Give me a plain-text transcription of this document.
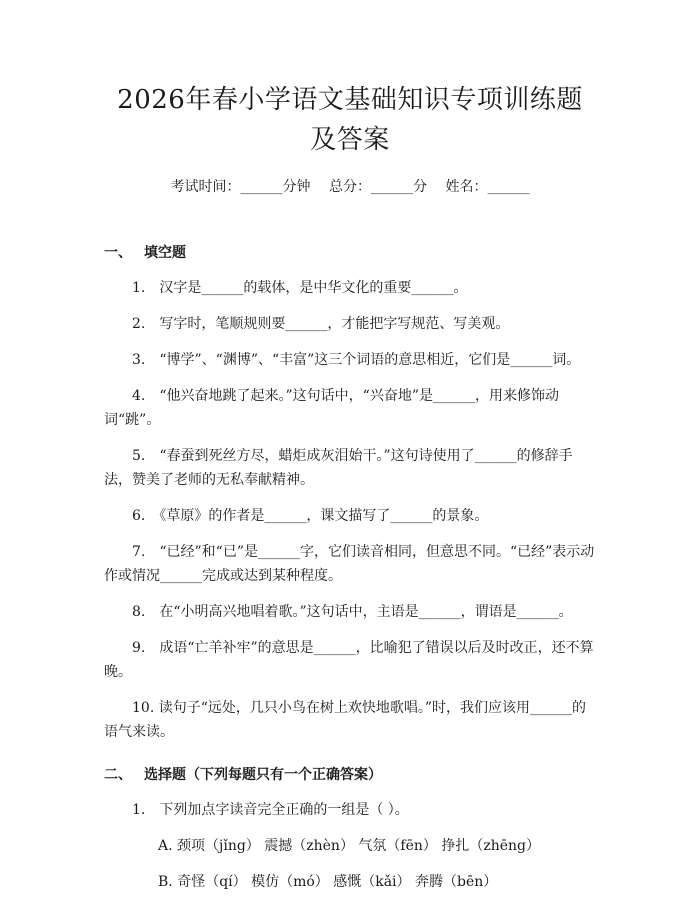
2026年春小学语文基础知识专项训练题及答案
考试时间：______分钟 总分：______分 姓名：______
一、 填空题

1.　汉字是______的载体，是中华文化的重要______。

2.　写字时，笔顺规则要______，才能把字写规范、写美观。

3.　“博学”、“渊博”、“丰富”这三个词语的意思相近，它们是______词。

4.　“他兴奋地跳了起来。”这句话中，“兴奋地”是______，用来修饰动词“跳”。

5.　“春蚕到死丝方尽，蜡炬成灰泪始干。”这句诗使用了______的修辞手法，赞美了老师的无私奉献精神。

6.　《草原》的作者是______，课文描写了______的景象。

7.　“已经”和“已”是______字，它们读音相同，但意思不同。“已经”表示动作或情况______完成或达到某种程度。

8.　在“小明高兴地唱着歌。”这句话中，主语是______，谓语是______。

9.　成语“亡羊补牢”的意思是______，比喻犯了错误以后及时改正，还不算晚。

10. 读句子“远处，几只小鸟在树上欢快地歌唱。”时，我们应该用______的语气来读。

二、 选择题（下列每题只有一个正确答案）

1.　下列加点字读音完全正确的一组是（ ）。

A. 颈项（jǐng） 震撼（zhèn） 气氛（fēn） 挣扎（zhēng）

B. 奇怪（qí） 模仿（mó） 感慨（kǎi） 奔腾（bēn）
